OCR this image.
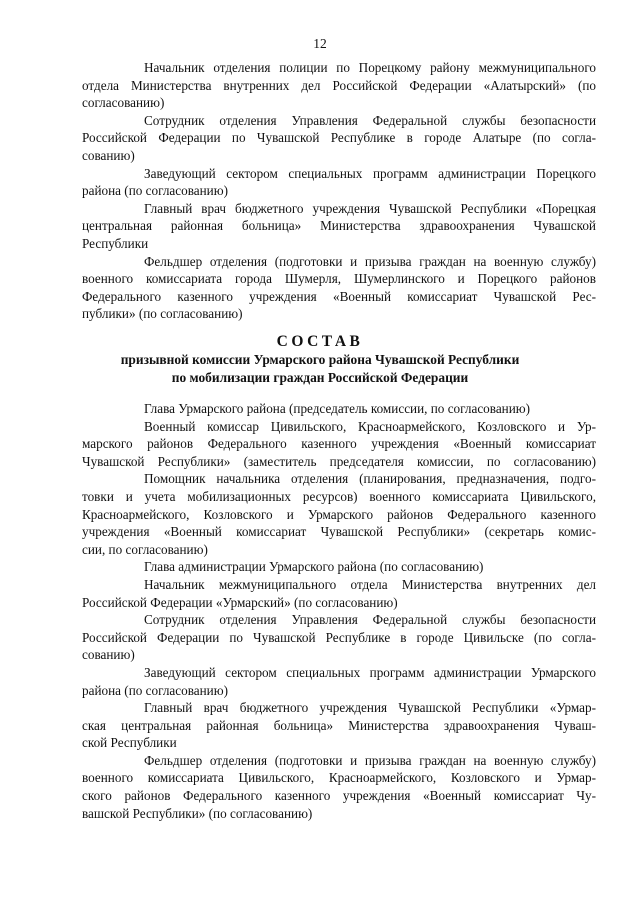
12
Начальник отделения полиции по Порецкому району межмуниципального
отдела Министерства внутренних дел Российской Федерации «Алатырский» (по
согласованию)
Сотрудник отделения Управления Федеральной службы безопасности
Российской Федерации по Чувашской Республике в городе Алатыре (по согла-
сованию)
Заведующий сектором специальных программ администрации Порецкого
района (по согласованию)
Главный врач бюджетного учреждения Чувашской Республики «Порецкая
центральная районная больница» Министерства здравоохранения Чувашской
Республики
Фельдшер отделения (подготовки и призыва граждан на военную службу)
военного комиссариата города Шумерля, Шумерлинского и Порецкого районов
Федерального казенного учреждения «Военный комиссариат Чувашской Рес-
публики» (по согласованию)
СОСТАВ
призывной комиссии Урмарского района Чувашской Республики
по мобилизации граждан Российской Федерации
Глава Урмарского района (председатель комиссии, по согласованию)
Военный комиссар Цивильского, Красноармейского, Козловского и Ур-
марского районов Федерального казенного учреждения «Военный комиссариат
Чувашской Республики» (заместитель председателя комиссии, по согласованию)
Помощник начальника отделения (планирования, предназначения, подго-
товки и учета мобилизационных ресурсов) военного комиссариата Цивильского,
Красноармейского, Козловского и Урмарского районов Федерального казенного
учреждения «Военный комиссариат Чувашской Республики» (секретарь комис-
сии, по согласованию)
Глава администрации Урмарского района (по согласованию)
Начальник межмуниципального отдела Министерства внутренних дел
Российской Федерации «Урмарский» (по согласованию)
Сотрудник отделения Управления Федеральной службы безопасности
Российской Федерации по Чувашской Республике в городе Цивильске (по согла-
сованию)
Заведующий сектором специальных программ администрации Урмарского
района (по согласованию)
Главный врач бюджетного учреждения Чувашской Республики «Урмар-
ская центральная районная больница» Министерства здравоохранения Чуваш-
ской Республики
Фельдшер отделения (подготовки и призыва граждан на военную службу)
военного комиссариата Цивильского, Красноармейского, Козловского и Урмар-
ского районов Федерального казенного учреждения «Военный комиссариат Чу-
вашской Республики» (по согласованию)
